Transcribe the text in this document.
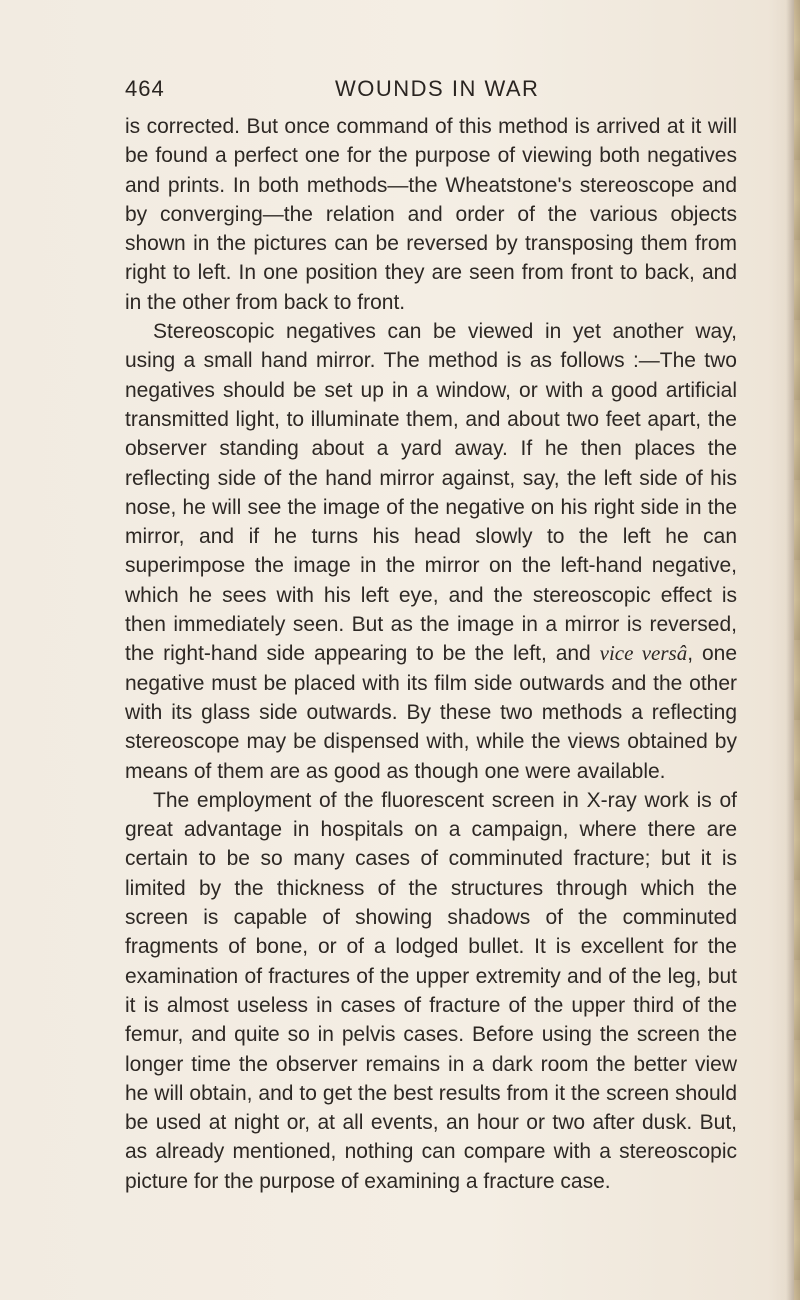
464	WOUNDS IN WAR

is corrected. But once command of this method is arrived at it will be found a perfect one for the purpose of viewing both negatives and prints. In both methods—the Wheatstone's stereoscope and by converging—the relation and order of the various objects shown in the pictures can be reversed by transposing them from right to left. In one position they are seen from front to back, and in the other from back to front.

Stereoscopic negatives can be viewed in yet another way, using a small hand mirror. The method is as follows :—The two negatives should be set up in a window, or with a good artificial transmitted light, to illuminate them, and about two feet apart, the observer standing about a yard away. If he then places the reflecting side of the hand mirror against, say, the left side of his nose, he will see the image of the negative on his right side in the mirror, and if he turns his head slowly to the left he can superimpose the image in the mirror on the left-hand negative, which he sees with his left eye, and the stereoscopic effect is then immediately seen. But as the image in a mirror is reversed, the right-hand side appearing to be the left, and vice versâ, one negative must be placed with its film side outwards and the other with its glass side outwards. By these two methods a reflecting stereoscope may be dispensed with, while the views obtained by means of them are as good as though one were available.

The employment of the fluorescent screen in X-ray work is of great advantage in hospitals on a campaign, where there are certain to be so many cases of comminuted fracture; but it is limited by the thickness of the structures through which the screen is capable of showing shadows of the comminuted fragments of bone, or of a lodged bullet. It is excellent for the examination of fractures of the upper extremity and of the leg, but it is almost useless in cases of fracture of the upper third of the femur, and quite so in pelvis cases. Before using the screen the longer time the observer remains in a dark room the better view he will obtain, and to get the best results from it the screen should be used at night or, at all events, an hour or two after dusk. But, as already mentioned, nothing can compare with a stereoscopic picture for the purpose of examining a fracture case.
